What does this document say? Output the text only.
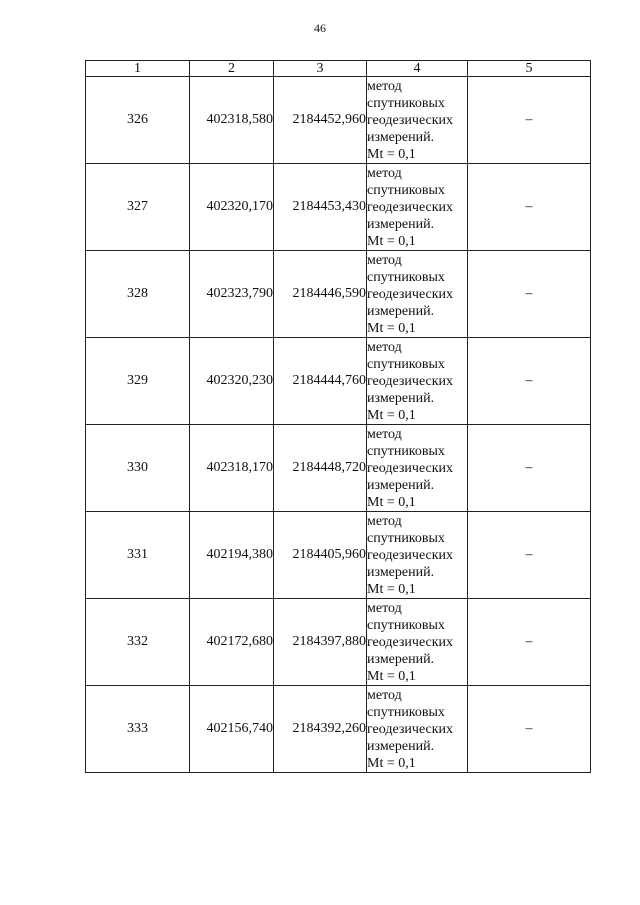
46
1	2	3	4	5
326	402318,580	2184452,960	метод
спутниковых
геодезических
измерений.
Mt = 0,1	–
327	402320,170	2184453,430	метод
спутниковых
геодезических
измерений.
Mt = 0,1	–
328	402323,790	2184446,590	метод
спутниковых
геодезических
измерений.
Mt = 0,1	–
329	402320,230	2184444,760	метод
спутниковых
геодезических
измерений.
Mt = 0,1	–
330	402318,170	2184448,720	метод
спутниковых
геодезических
измерений.
Mt = 0,1	–
331	402194,380	2184405,960	метод
спутниковых
геодезических
измерений.
Mt = 0,1	–
332	402172,680	2184397,880	метод
спутниковых
геодезических
измерений.
Mt = 0,1	–
333	402156,740	2184392,260	метод
спутниковых
геодезических
измерений.
Mt = 0,1	–
